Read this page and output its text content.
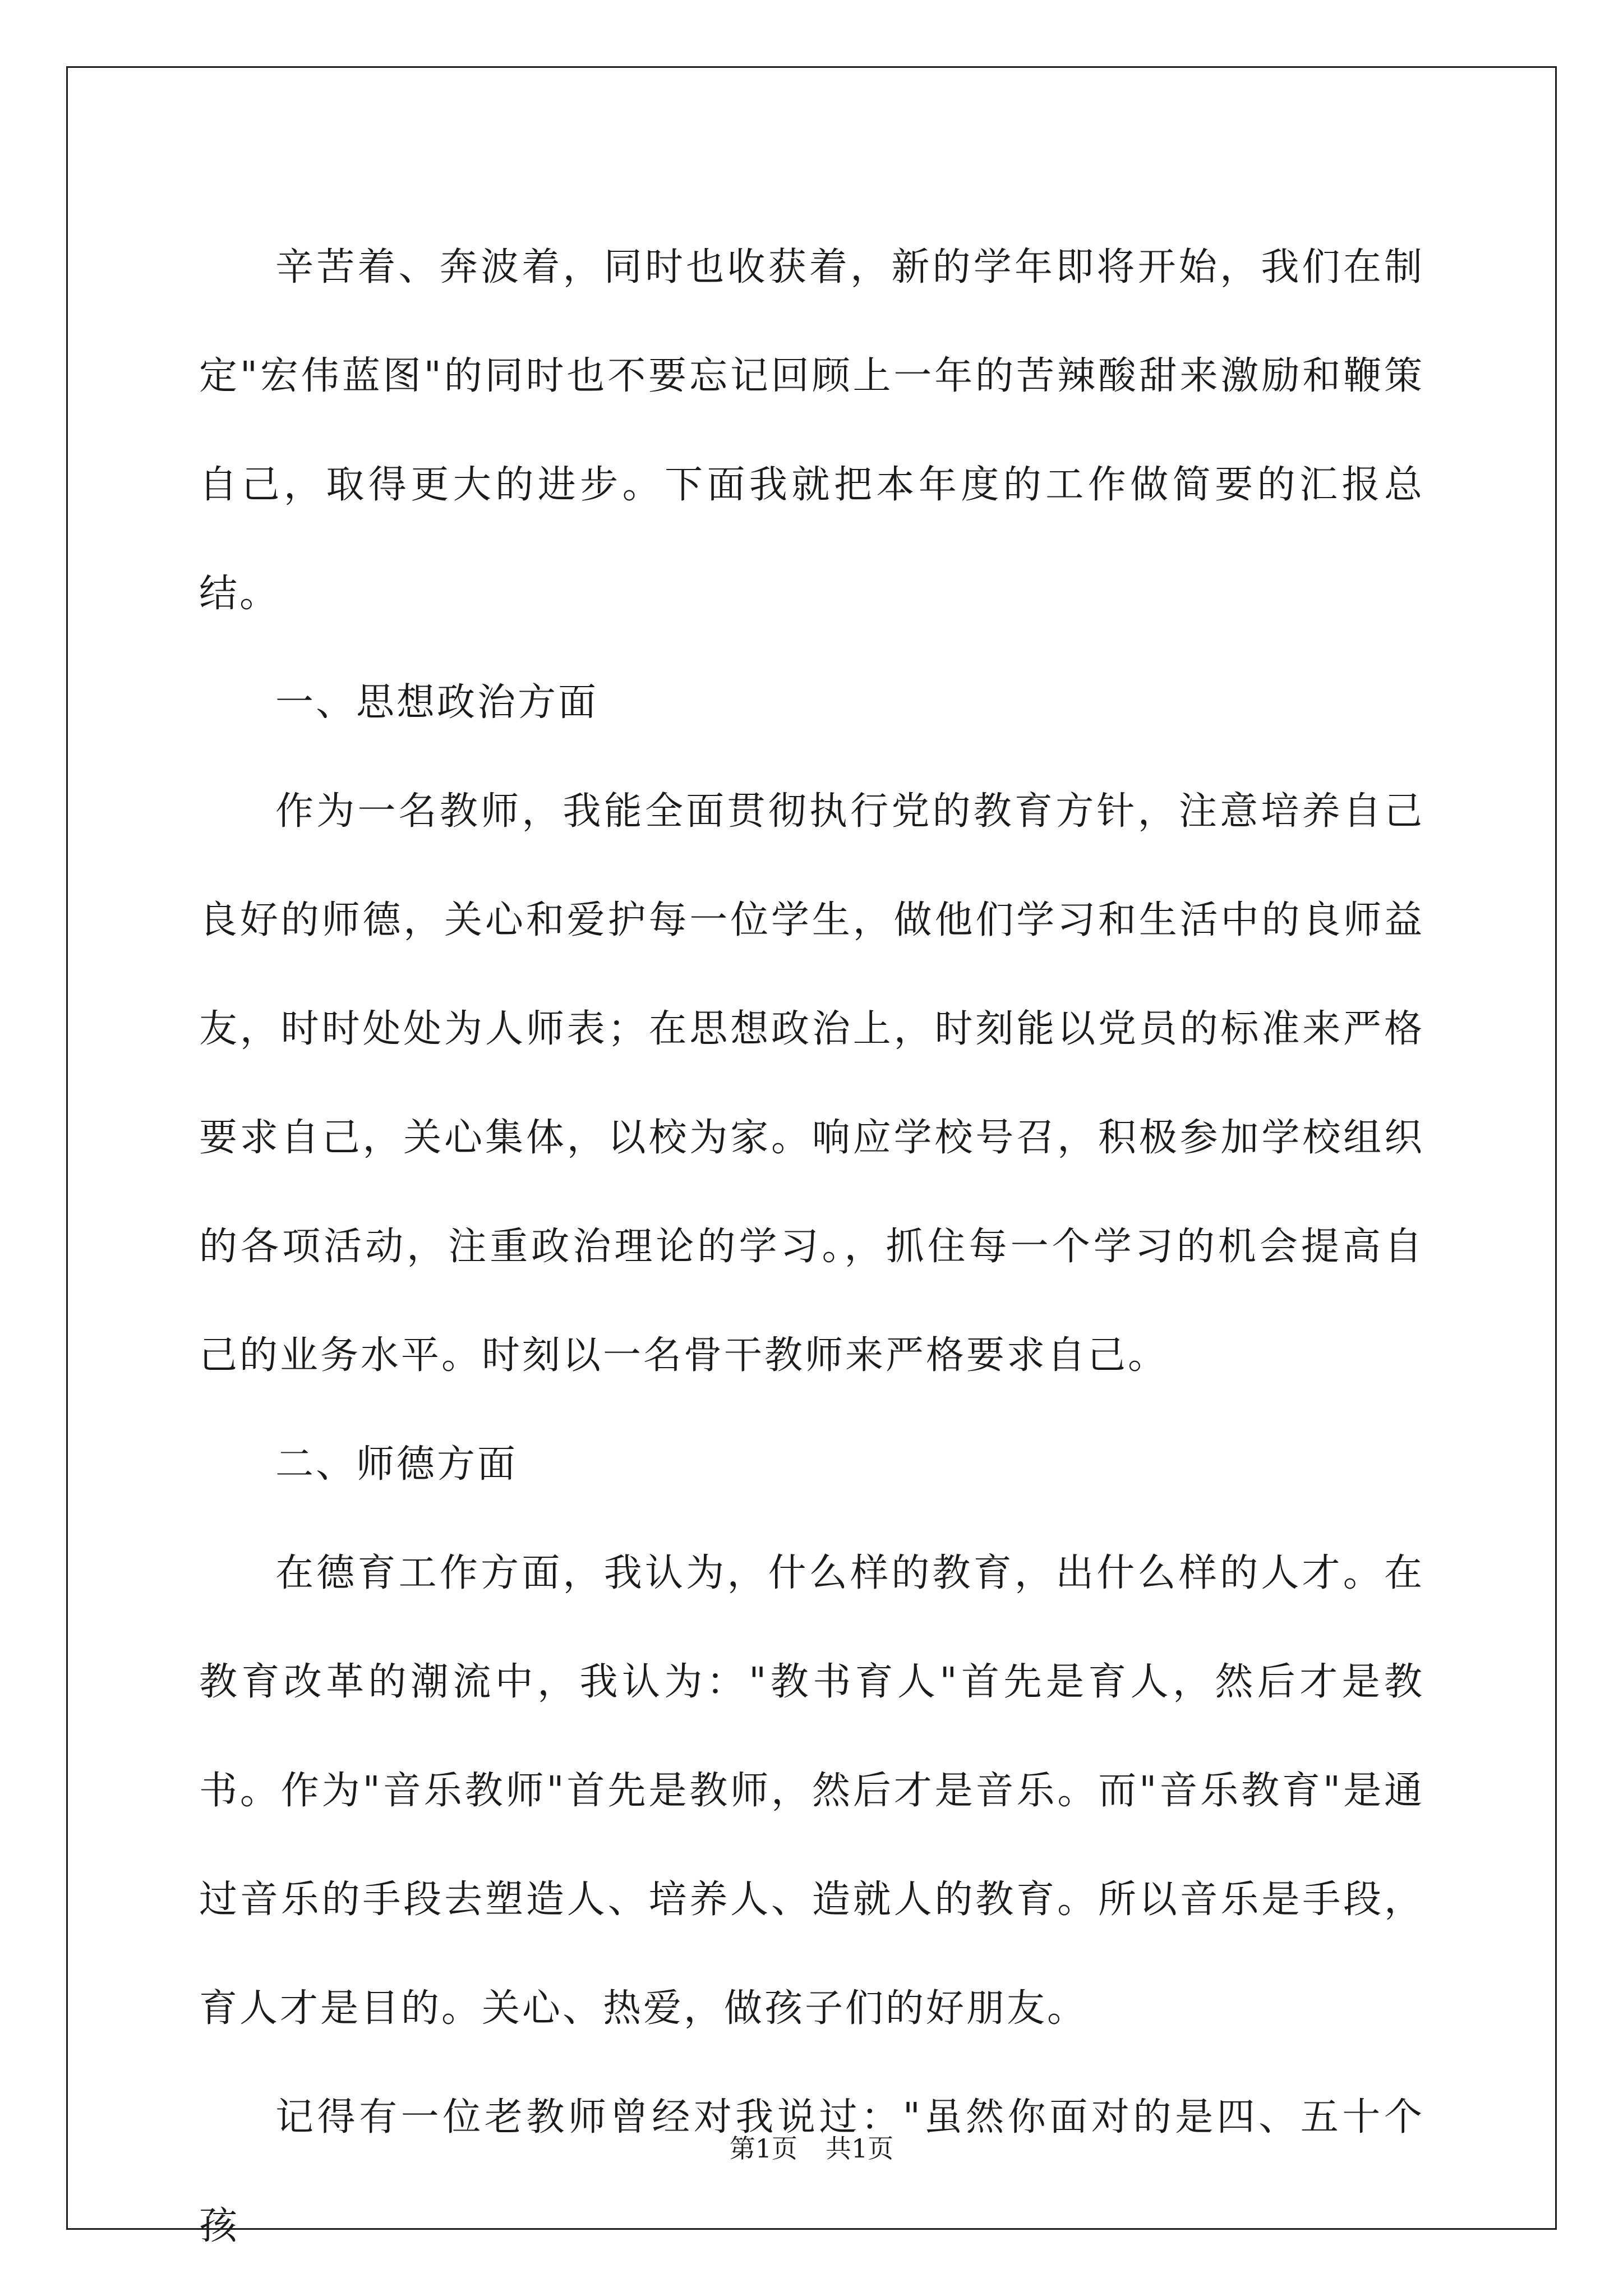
辛苦着、奔波着，同时也收获着，新的学年即将开始，我们在制定"宏伟蓝图"的同时也不要忘记回顾上一年的苦辣酸甜来激励和鞭策自己，取得更大的进步。下面我就把本年度的工作做简要的汇报总结。

一、思想政治方面

作为一名教师，我能全面贯彻执行党的教育方针，注意培养自己良好的师德，关心和爱护每一位学生，做他们学习和生活中的良师益友，时时处处为人师表；在思想政治上，时刻能以党员的标准来严格要求自己，关心集体，以校为家。响应学校号召，积极参加学校组织的各项活动，注重政治理论的学习。，抓住每一个学习的机会提高自己的业务水平。时刻以一名骨干教师来严格要求自己。

二、师德方面

在德育工作方面，我认为，什么样的教育，出什么样的人才。在教育改革的潮流中，我认为："教书育人"首先是育人，然后才是教书。作为"音乐教师"首先是教师，然后才是音乐。而"音乐教育"是通过音乐的手段去塑造人、培养人、造就人的教育。所以音乐是手段，育人才是目的。关心、热爱，做孩子们的好朋友。

记得有一位老教师曾经对我说过："虽然你面对的是四、五十个孩

第1页 共1页
